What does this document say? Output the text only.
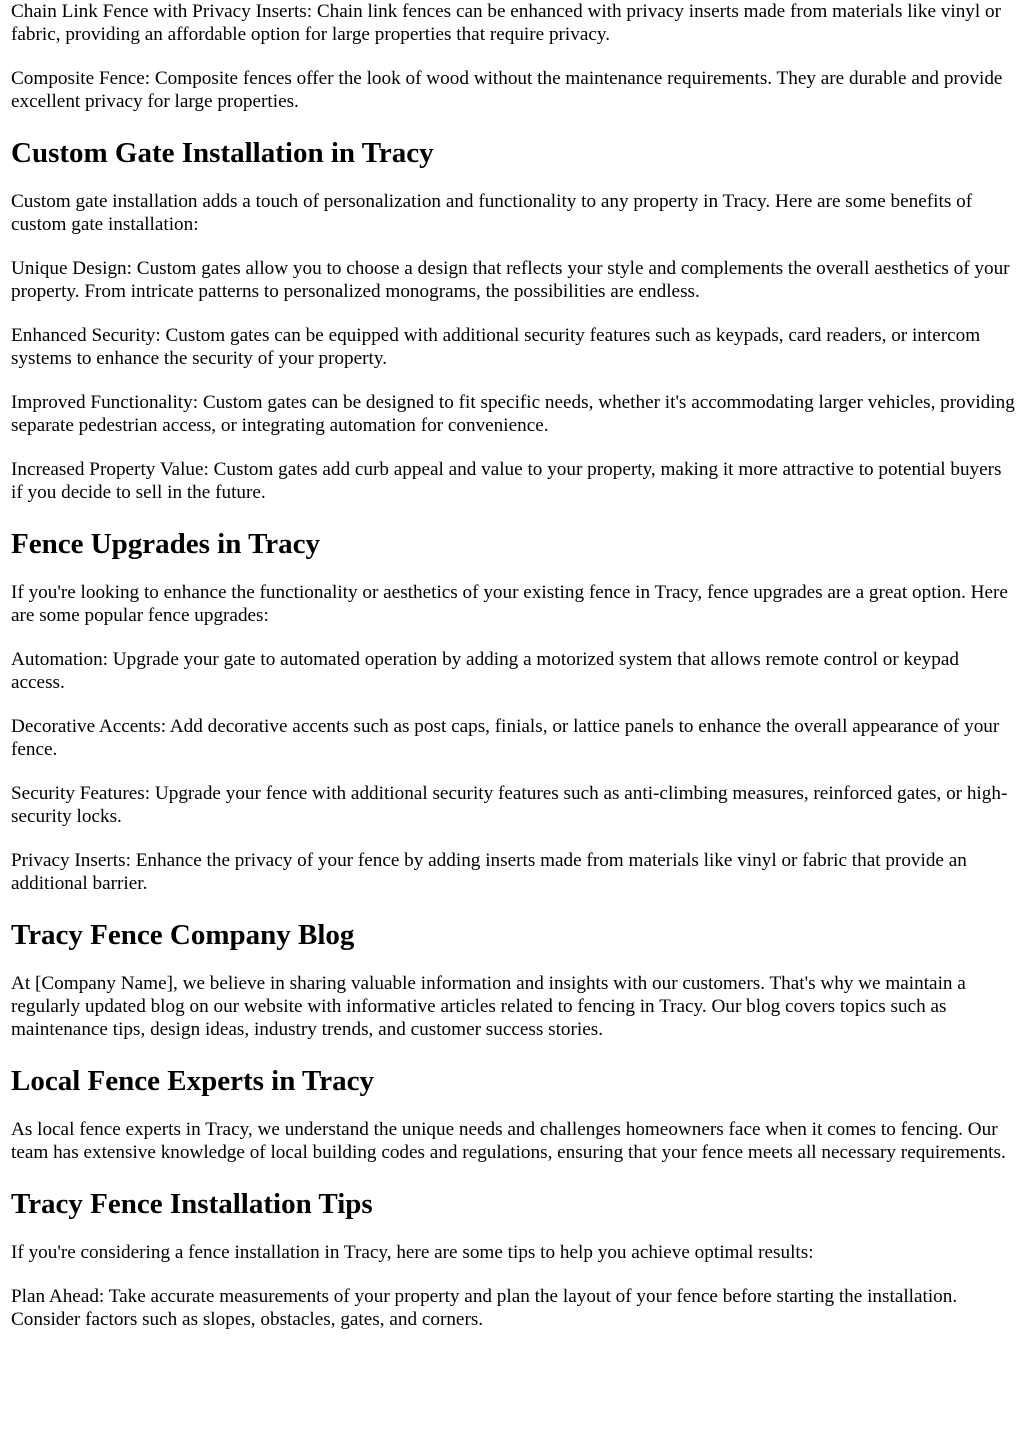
Chain Link Fence with Privacy Inserts: Chain link fences can be enhanced with privacy inserts made from materials like vinyl or fabric, providing an affordable option for large properties that require privacy.

Composite Fence: Composite fences offer the look of wood without the maintenance requirements. They are durable and provide excellent privacy for large properties.

Custom Gate Installation in Tracy

Custom gate installation adds a touch of personalization and functionality to any property in Tracy. Here are some benefits of custom gate installation:

Unique Design: Custom gates allow you to choose a design that reflects your style and complements the overall aesthetics of your property. From intricate patterns to personalized monograms, the possibilities are endless.

Enhanced Security: Custom gates can be equipped with additional security features such as keypads, card readers, or intercom systems to enhance the security of your property.

Improved Functionality: Custom gates can be designed to fit specific needs, whether it's accommodating larger vehicles, providing separate pedestrian access, or integrating automation for convenience.

Increased Property Value: Custom gates add curb appeal and value to your property, making it more attractive to potential buyers if you decide to sell in the future.

Fence Upgrades in Tracy

If you're looking to enhance the functionality or aesthetics of your existing fence in Tracy, fence upgrades are a great option. Here are some popular fence upgrades:

Automation: Upgrade your gate to automated operation by adding a motorized system that allows remote control or keypad access.

Decorative Accents: Add decorative accents such as post caps, finials, or lattice panels to enhance the overall appearance of your fence.

Security Features: Upgrade your fence with additional security features such as anti-climbing measures, reinforced gates, or high-security locks.

Privacy Inserts: Enhance the privacy of your fence by adding inserts made from materials like vinyl or fabric that provide an additional barrier.

Tracy Fence Company Blog

At [Company Name], we believe in sharing valuable information and insights with our customers. That's why we maintain a regularly updated blog on our website with informative articles related to fencing in Tracy. Our blog covers topics such as maintenance tips, design ideas, industry trends, and customer success stories.

Local Fence Experts in Tracy

As local fence experts in Tracy, we understand the unique needs and challenges homeowners face when it comes to fencing. Our team has extensive knowledge of local building codes and regulations, ensuring that your fence meets all necessary requirements.

Tracy Fence Installation Tips

If you're considering a fence installation in Tracy, here are some tips to help you achieve optimal results:

Plan Ahead: Take accurate measurements of your property and plan the layout of your fence before starting the installation. Consider factors such as slopes, obstacles, gates, and corners.
